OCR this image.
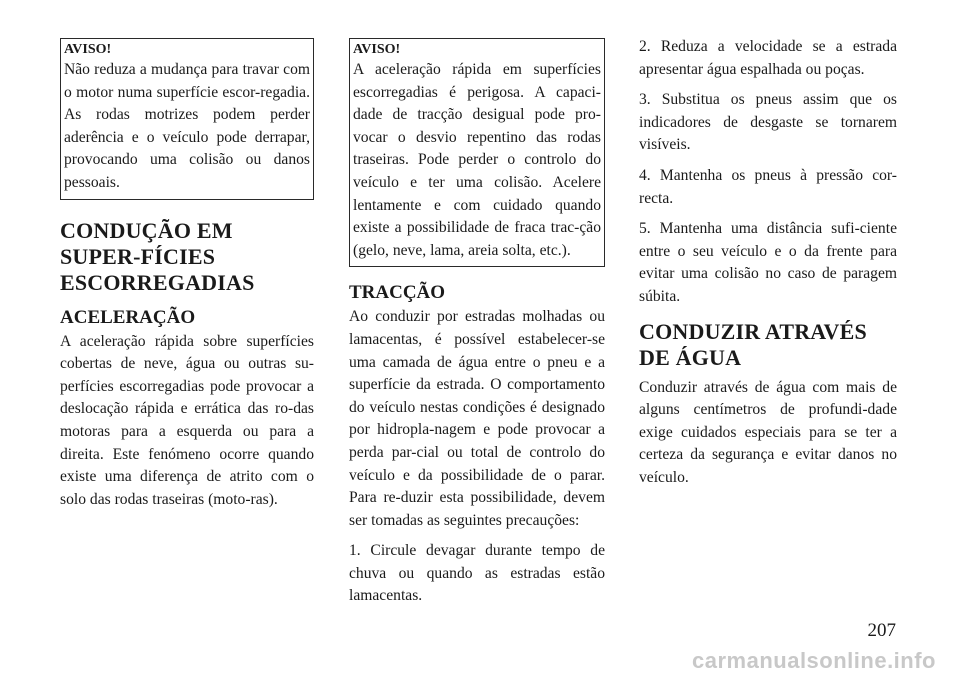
AVISO!

Não reduza a mudança para travar com o motor numa superfície escor-regadia. As rodas motrizes podem perder aderência e o veículo pode derrapar, provocando uma colisão ou danos pessoais.

CONDUÇÃO EM SUPER-FÍCIES ESCORREGADIAS
ACELERAÇÃO

A aceleração rápida sobre superfícies cobertas de neve, água ou outras su-perfícies escorregadias pode provocar a deslocação rápida e errática das ro-das motoras para a esquerda ou para a direita. Este fenómeno ocorre quando existe uma diferença de atrito com o solo das rodas traseiras (moto-ras).

AVISO!

A aceleração rápida em superfícies escorregadias é perigosa. A capaci-dade de tracção desigual pode pro-vocar o desvio repentino das rodas traseiras. Pode perder o controlo do veículo e ter uma colisão. Acelere lentamente e com cuidado quando existe a possibilidade de fraca trac-ção (gelo, neve, lama, areia solta, etc.).

TRACÇÃO

Ao conduzir por estradas molhadas ou lamacentas, é possível estabelecer-se uma camada de água entre o pneu e a superfície da estrada. O comportamento do veículo nestas condições é designado por hidropla-nagem e pode provocar a perda par-cial ou total de controlo do veículo e da possibilidade de o parar. Para re-duzir esta possibilidade, devem ser tomadas as seguintes precauções:

1. Circule devagar durante tempo de chuva ou quando as estradas estão lamacentas.

2. Reduza a velocidade se a estrada apresentar água espalhada ou poças.

3. Substitua os pneus assim que os indicadores de desgaste se tornarem visíveis.

4. Mantenha os pneus à pressão cor-recta.

5. Mantenha uma distância sufi-ciente entre o seu veículo e o da frente para evitar uma colisão no caso de paragem súbita.

CONDUZIR ATRAVÉS DE ÁGUA

Conduzir através de água com mais de alguns centímetros de profundi-dade exige cuidados especiais para se ter a certeza da segurança e evitar danos no veículo.

207
carmanualsonline.info
